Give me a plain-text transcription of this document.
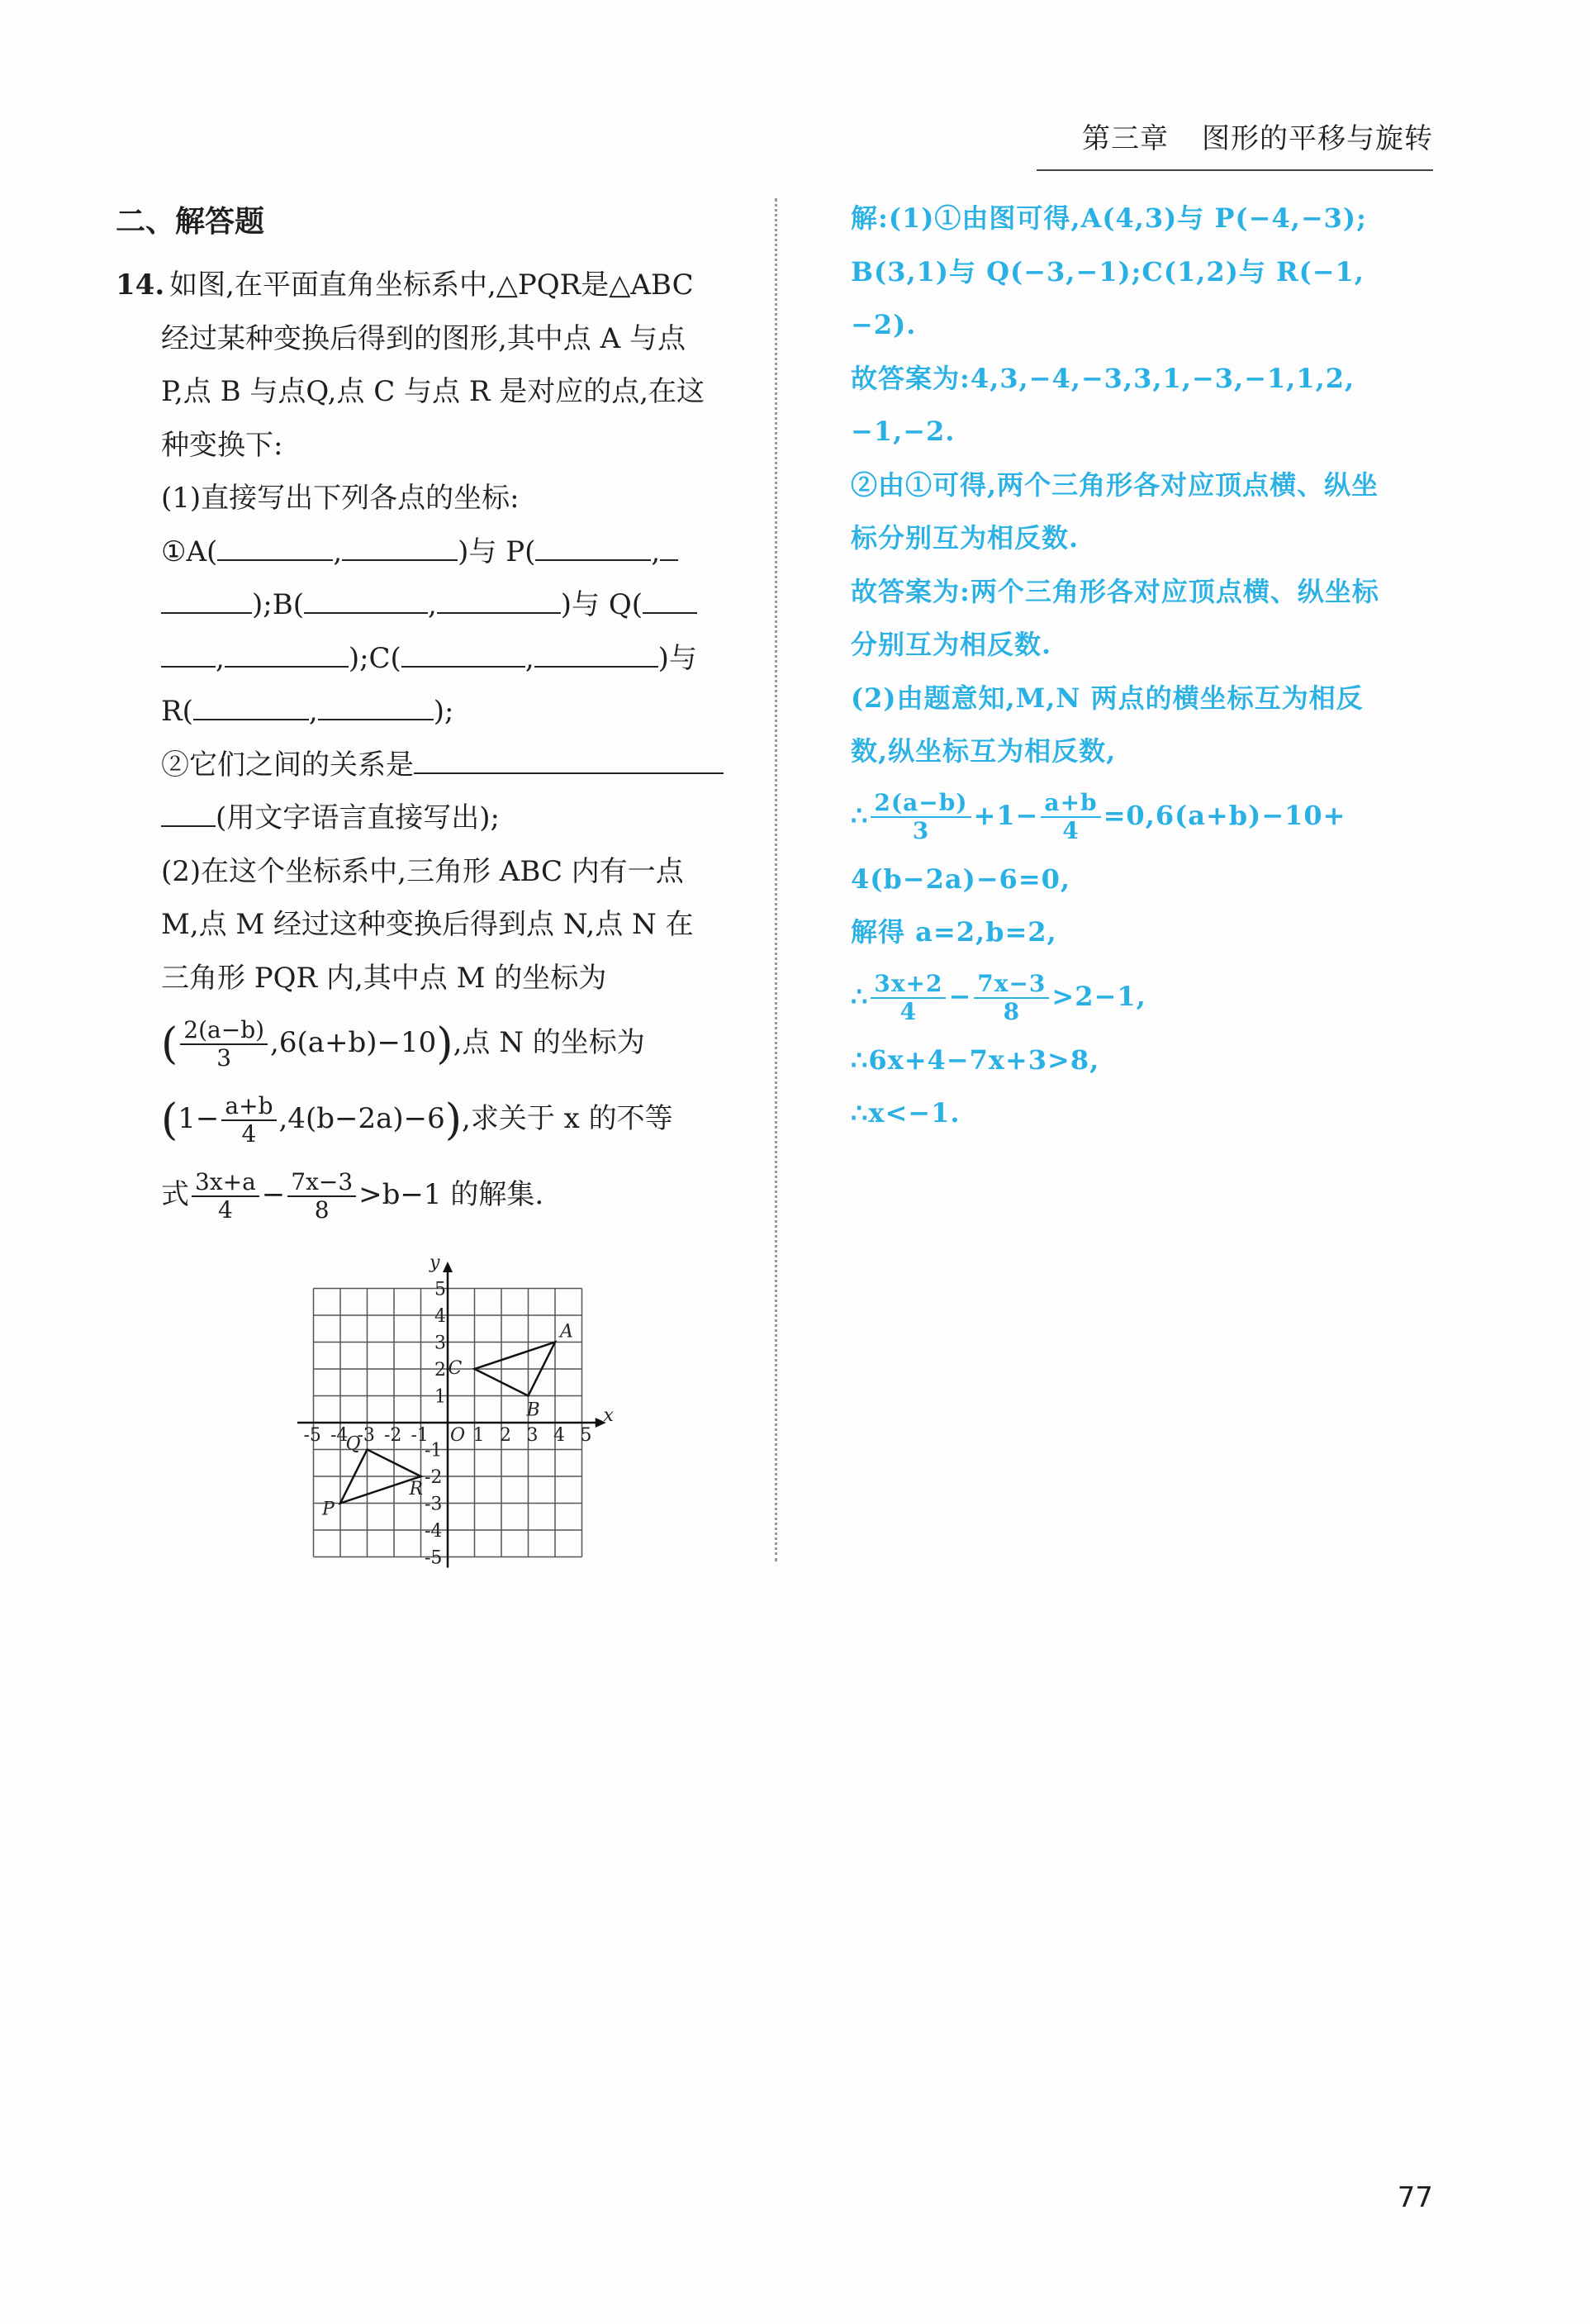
第三章 图形的平移与旋转
二、解答题
14. 如图,在平面直角坐标系中,△PQR是△ABC
经过某种变换后得到的图形,其中点 A 与点
P,点 B 与点Q,点 C 与点 R 是对应的点,在这
种变换下:
(1)直接写出下列各点的坐标:
①A(	,	)与 P(	,
);B(	,	)与 Q(
,	);C(	,	)与
R(	,	);
②它们之间的关系是
(用文字语言直接写出);
(2)在这个坐标系中,三角形 ABC 内有一点
M,点 M 经过这种变换后得到点 N,点 N 在
三角形 PQR 内,其中点 M 的坐标为
( $\frac{2(a-b)}{3} ,6(a+b)-10$),点 N 的坐标为
$(1- \frac{a+b}{4} ,4(b-2a)-6)$,求关于 x 的不等
式 $\frac{3x+a}{4} - \frac{7x-3}{8} >b-1$ 的解集.
x
y
O
-5 -4 -3 -2 -1 1 2 3 4 5
5
4
3
2
1
-1
-2
-3
-4
-5
A
B
C
P
Q
R
解:(1)①由图可得,A(4,3)与 P(−4,−3);
B(3,1)与 Q(−3,−1);C(1,2)与 R(−1,
−2).
故答案为:4,3,−4,−3,3,1,−3,−1,1,2,
−1,−2.
②由①可得,两个三角形各对应顶点横、纵坐
标分别互为相反数.
故答案为:两个三角形各对应顶点横、纵坐标
分别互为相反数.
(2)由题意知,M,N 两点的横坐标互为相反
数,纵坐标互为相反数,
∴ $\frac{2(a-b)}{3} +1- \frac{a+b}{4} =0,6(a+b)-10+$
4(b−2a)−6=0,
解得 a=2,b=2,
∴ $\frac{3x+2}{4} - \frac{7x-3}{8} >2-1$,
∴6x+4−7x+3>8,
∴x<−1.
77
